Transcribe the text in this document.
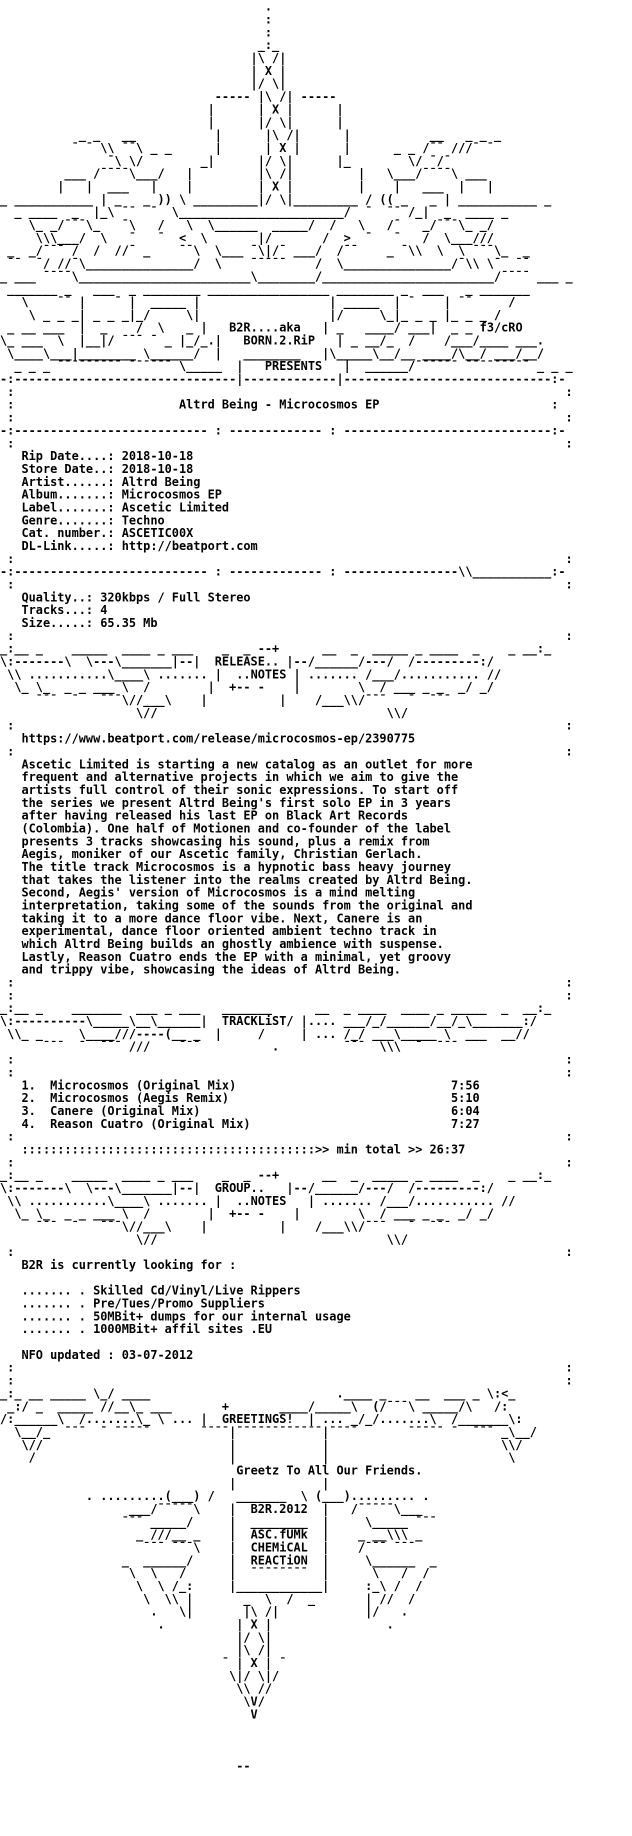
.
:
:
_:_
|\ /|
| X |
|/ \|
----- |\ /| -----
|      | X |      |
|      |/ \|      |
_ _   __           |      |\ /|      |           __   _ _ _
¯ ¯ \\ ¯¯\ _ _      |      | X |      |      _ _ /¯¯ ///¯ ¯
¯\ \/        _|      |/ \|      |_        \/ ¯/¯
___ /¯¯¯¯\___/   |         |\ /|         |   \___/¯¯¯¯\ ___
|   |  ___   |    |         | X |         |    |   ___  |   |
_ ___________ | _   _ )) \ _________|/ \|_________ / (( _   _ | ___________ _
_ ____  _  |_\ ¯¯  ¯  \_______________________/  ¯  ¯¯ /_|  _  ____ _
\_ _/¯¯¯\_   ¯\   /   \  \______  _____/  /   \   /¯   _/¯¯¯\_ _/
\\\___/  \   ¯   ¯  <  \       |/       /  >  ¯   ¯   /  \___///
_  _/¯¯¯ /  /  //¯ _    ¯¯\  \___ ¯\|/¯ ___/  /¯¯    _ ¯\\  \  \ ¯¯¯\_  _
¯¯  ¯/ //¯\_______________/  \    ¯¯¯¯¯    /  \_______________/¯\\ \¯  ¯¯
_ ___ ¯¯¯¯\________________________\________/________________________/¯¯¯¯ ___ _
_______ _   ___  _ ________ _________________ ________ _  ___   _ _______
\    ¯¯ |    ¯ |  _____ |                  | _____  | ¯    | ¯¯     /
\ _ _ _| _ _ _|_/     \|                  |/     \_|_ _ _ |_ _ _ /
_ __ ___  |  _    /  \   _ |   B2R....aka   | _   ____/ ___|  _ _ f3/cRO
\_ ___  \  |__|/ ¯¯¯ ¯ _ |_/_.|   BORN.2.RiP   | _ __/_  /    /___/____ ___.
\____\___|________ \______/  |   ________   |\_____\__/__ ____/\__/ ___/__/
_ _ _ ¯¯¯¯¯¯¯¯¯ ¯¯¯¯¯¯ \_____  |   PRESENTS   |  ______/¯¯¯¯¯¯ ¯¯¯¯¯¯¯¯¯ _ _ _
-:-------------------------------|-------------|-----------------------------:-
:                                                                             :
:	Altrd Being - Microcosmos EP	:
:                                                                             :
-:--------------------------- : ------------- : -----------------------------:-
:                                                                             :
Rip Date....: 2018-10-18
Store Date..: 2018-10-18
Artist......: Altrd Being
Album.......: Microcosmos EP
Label.......: Ascetic Limited
Genre.......: Techno
Cat. number.: ASCETIC00X
DL-Link.....: http://beatport.com
:                                                                             :
-:--------------------------- : ------------- : ----------------\\___________:-
:                                                                             :
Quality..: 320kbps / Full Stereo
Tracks...: 4
Size.....: 65.35 Mb
:                                                                             :
_:__ _    _____  ____ _ ___    _  _ --+      __  _  _____ _ ____  _    _ __:_
\:-------\  \---\_______|--|  RELEASE.. |--/______/---/  /---------:/
\\ ...........\____\ ....... |  ..NOTES | ....... /___/........... //
\_ \_  _ _ ___ \  /        |  +-- -    |        \  / ___ _ _  _/ _/
¯¯¯  ¯   ¯¯¯\//___\    |          |    /___\\/¯¯¯   ¯  ¯¯¯
\//                                \\/
:                                                                             :
https://www.beatport.com/release/microcosmos-ep/2390775
:                                                                             :
Ascetic Limited is starting a new catalog as an outlet for more
frequent and alternative projects in which we aim to give the
artists full control of their sonic expressions. To start off
the series we present Altrd Being's first solo EP in 3 years
after having released his last EP on Black Art Records
(Colombia). One half of Motionen and co-founder of the label
presents 3 tracks showcasing his sound, plus a remix from
Aegis, moniker of our Ascetic family, Christian Gerlach.
The title track Microcosmos is a hypnotic bass heavy journey
that takes the listener into the realms created by Altrd Being.
Second, Aegis' version of Microcosmos is a mind melting
interpretation, taking some of the sounds from the original and
taking it to a more dance floor vibe. Next, Canere is an
experimental, dance floor oriented ambient techno track in
which Altrd Being builds an ghostly ambience with suspense.
Lastly, Reason Cuatro ends the EP with a minimal, yet groovy
and trippy vibe, showcasing the ideas of Altrd Being.
:                                                                             :
:                                                                             :
_:__ _    _______  ___ _ ___   _______      __  _ ____  ____ _ _____  _  __:_
\:----------\_____\__\______|  TRACKLiST/ |.... ___/_/______/__/_\_______:/
\\_ _     \____///----(__ _  |     /     | ... /_/ ___\_____ \  ___  __//
¯¯¯  ¯  ¯¯¯ ///    ¯¯¯          .         ¯¯¯  \\\  ¯  ¯¯¯
:                                                                             :
:                                                                             :
1.  Microcosmos (Original Mix)                              7:56
2.  Microcosmos (Aegis Remix)                               5:10
3.  Canere (Original Mix)                                   6:04
4.  Reason Cuatro (Original Mix)                            7:27
:                                                                             :
:::::::::::::::::::::::::::::::::::::::::>> min total >> 26:37
:                                                                             :
_:__ _    _____  ____ _ ___    _  _ --+      __  _  _____ _ ____  _    _ __:_
\:-------\  \---\_______|--|  GROUP..   |--/______/---/  /---------:/
\\ ...........\____\ ....... |  ..NOTES   | ....... /___/........... //
\_ \_  _ _ ___ \  /        |  +-- -    |        \  / ___ _ _  _/ _/
¯¯¯  ¯   ¯¯¯\//___\    |          |    /___\\/¯¯¯   ¯  ¯¯¯
\//                                \\/
:                                                                             :
B2R is currently looking for :

....... . Skilled Cd/Vinyl/Live Rippers
....... . Pre/Tues/Promo Suppliers
....... . 50MBit+ dumps for our internal usage
....... . 1000MBit+ affil sites .EU

NFO updated : 03-07-2012
:                                                                             :
:                                                                             :
_:_ __ _____ \_/ ____                          .____ _    __  ___ _ \:<_
_:/ _  _____ //__\_ ___       +       ____/_____\  (/¯¯¯\ _____/\   /:
/:______\  /.......\_ \ ... |  GREETINGS!  | ... _/_/.......\  /_______\:
\__/_  ¯¯¯  ¯ ¯¯¯¯¯       ¯¯¯¯|¯¯¯¯¯¯¯¯¯¯¯¯|¯¯¯¯       ¯¯¯¯¯ ¯  ¯¯¯ _\__/
\//                          |            |                        \\/
/                           |            |                         \
Greetz To All Our Friends.
|            |
. .........(___) /   _______  \ (___)......... .
___/¯¯¯¯¯\    |  B2R.2012  |   /¯¯¯¯¯\___
¯¯¯ _____/     |  ________  |     \_____ ¯¯¯
_ ///__ _    |  ASC.fUMk  |    _ __\\\ _
¯¯¯ ¯¯¯\    |  CHEMiCAL  |    /¯¯¯ ¯¯¯
_  ______/     |  REACTiON  |     \______  _
\  \   /      |  ¯¯¯¯¯¯¯¯  |      \   /  /
\  \ /_:     |____________|     :_\ /  /
\  \\ |       _  \  /  _       | //  /
.   \|       |\ /|            |/   .
.          | X |                .
|/ \|
|\ /|
¯ | X | ¯
\|/ \|/
\\ //
\V/
V

--
